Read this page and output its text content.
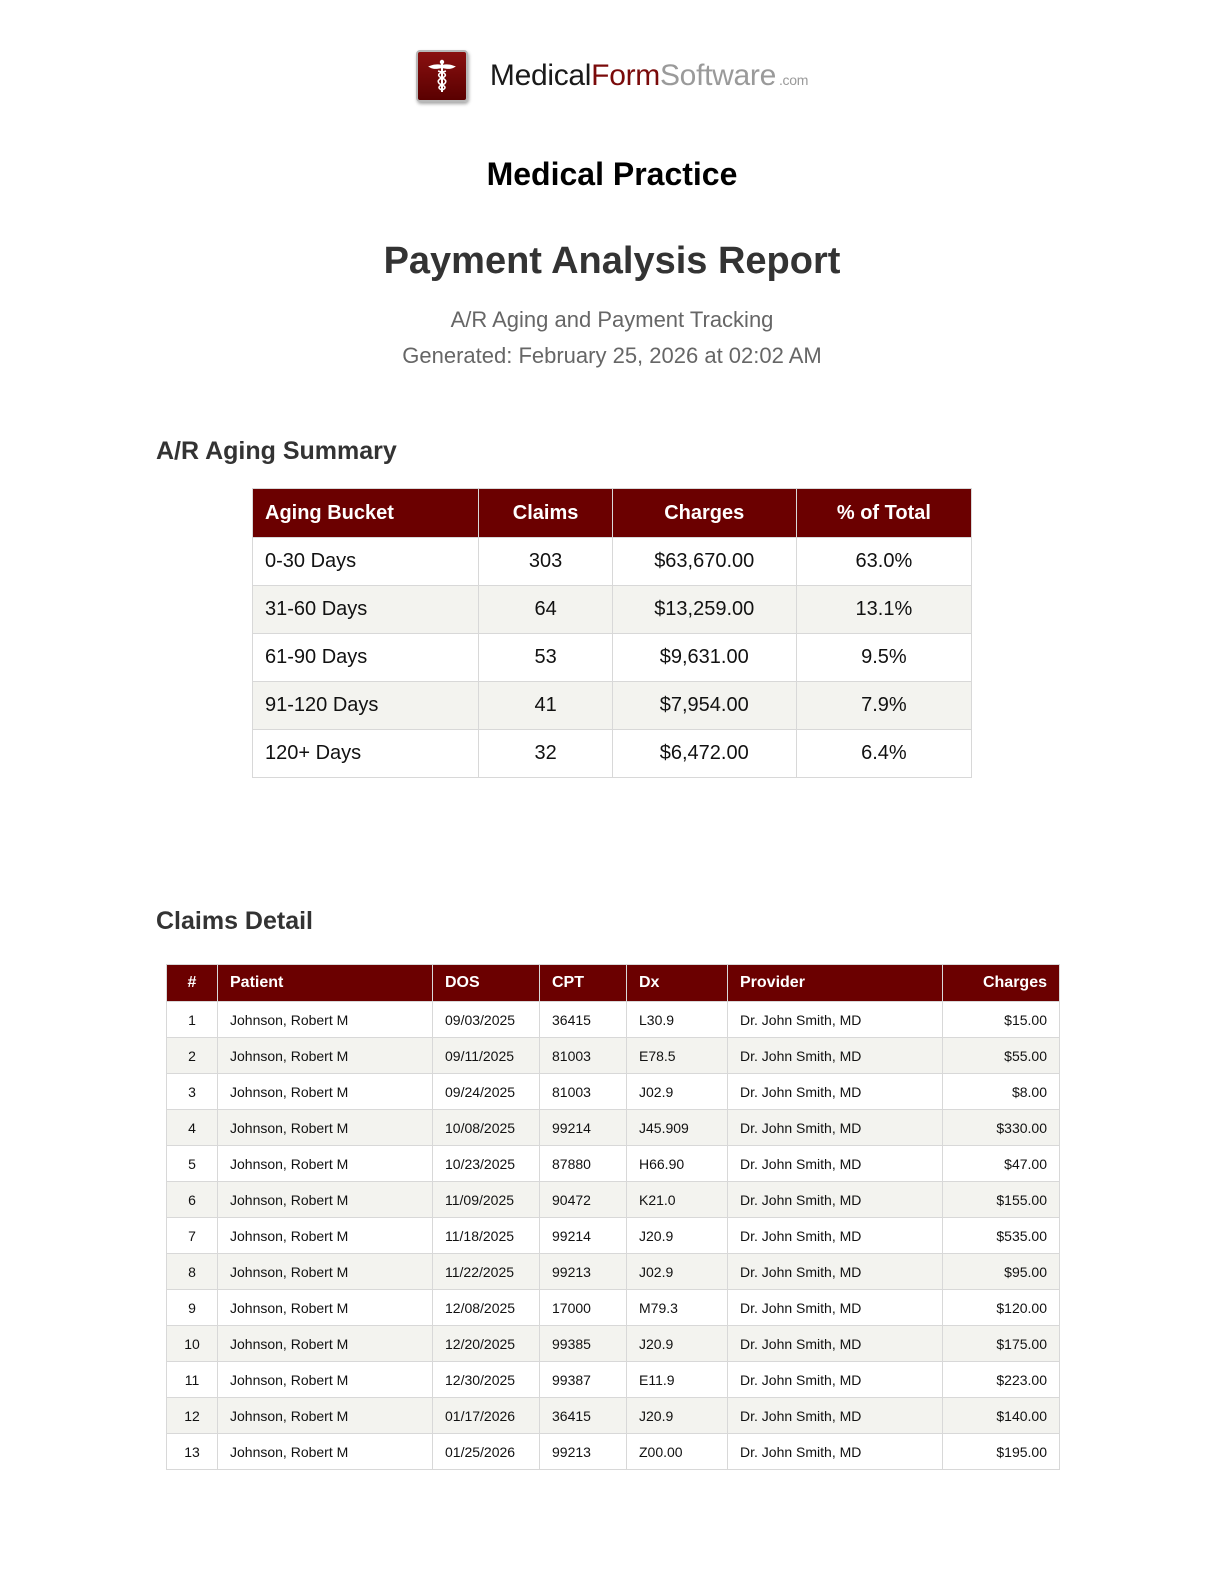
MedicalFormSoftware .com
Medical Practice
Payment Analysis Report
A/R Aging and Payment Tracking
Generated: February 25, 2026 at 02:02 AM
A/R Aging Summary
Aging Bucket	Claims	Charges	% of Total
0-30 Days	303	$63,670.00	63.0%
31-60 Days	64	$13,259.00	13.1%
61-90 Days	53	$9,631.00	9.5%
91-120 Days	41	$7,954.00	7.9%
120+ Days	32	$6,472.00	6.4%
Claims Detail
#	Patient	DOS	CPT	Dx	Provider	Charges
1	Johnson, Robert M	09/03/2025	36415	L30.9	Dr. John Smith, MD	$15.00
2	Johnson, Robert M	09/11/2025	81003	E78.5	Dr. John Smith, MD	$55.00
3	Johnson, Robert M	09/24/2025	81003	J02.9	Dr. John Smith, MD	$8.00
4	Johnson, Robert M	10/08/2025	99214	J45.909	Dr. John Smith, MD	$330.00
5	Johnson, Robert M	10/23/2025	87880	H66.90	Dr. John Smith, MD	$47.00
6	Johnson, Robert M	11/09/2025	90472	K21.0	Dr. John Smith, MD	$155.00
7	Johnson, Robert M	11/18/2025	99214	J20.9	Dr. John Smith, MD	$535.00
8	Johnson, Robert M	11/22/2025	99213	J02.9	Dr. John Smith, MD	$95.00
9	Johnson, Robert M	12/08/2025	17000	M79.3	Dr. John Smith, MD	$120.00
10	Johnson, Robert M	12/20/2025	99385	J20.9	Dr. John Smith, MD	$175.00
11	Johnson, Robert M	12/30/2025	99387	E11.9	Dr. John Smith, MD	$223.00
12	Johnson, Robert M	01/17/2026	36415	J20.9	Dr. John Smith, MD	$140.00
13	Johnson, Robert M	01/25/2026	99213	Z00.00	Dr. John Smith, MD	$195.00
